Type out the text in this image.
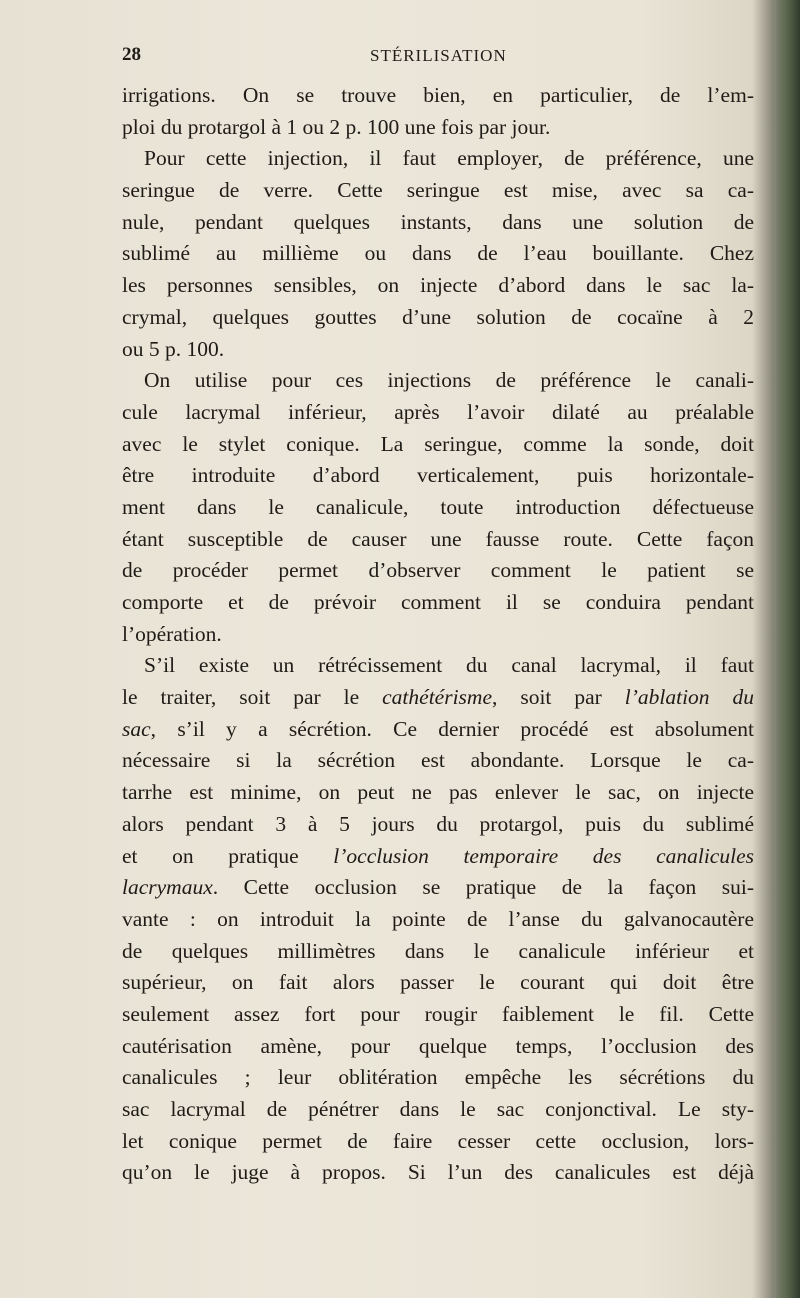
28	STÉRILISATION
irrigations. On se trouve bien, en particulier, de l’em-
ploi du protargol à 1 ou 2 p. 100 une fois par jour.
Pour cette injection, il faut employer, de préférence, une
seringue de verre. Cette seringue est mise, avec sa ca-
nule, pendant quelques instants, dans une solution de
sublimé au millième ou dans de l’eau bouillante. Chez
les personnes sensibles, on injecte d’abord dans le sac la-
crymal, quelques gouttes d’une solution de cocaïne à 2
ou 5 p. 100.
On utilise pour ces injections de préférence le canali-
cule lacrymal inférieur, après l’avoir dilaté au préalable
avec le stylet conique. La seringue, comme la sonde, doit
être introduite d’abord verticalement, puis horizontale-
ment dans le canalicule, toute introduction défectueuse
étant susceptible de causer une fausse route. Cette façon
de procéder permet d’observer comment le patient se
comporte et de prévoir comment il se conduira pendant
l’opération.
S’il existe un rétrécissement du canal lacrymal, il faut
le traiter, soit par le cathétérisme, soit par l’ablation du
sac, s’il y a sécrétion. Ce dernier procédé est absolument
nécessaire si la sécrétion est abondante. Lorsque le ca-
tarrhe est minime, on peut ne pas enlever le sac, on injecte
alors pendant 3 à 5 jours du protargol, puis du sublimé
et on pratique l’occlusion temporaire des canalicules
lacrymaux. Cette occlusion se pratique de la façon sui-
vante : on introduit la pointe de l’anse du galvanocautère
de quelques millimètres dans le canalicule inférieur et
supérieur, on fait alors passer le courant qui doit être
seulement assez fort pour rougir faiblement le fil. Cette
cautérisation amène, pour quelque temps, l’occlusion des
canalicules ; leur oblitération empêche les sécrétions du
sac lacrymal de pénétrer dans le sac conjonctival. Le sty-
let conique permet de faire cesser cette occlusion, lors-
qu’on le juge à propos. Si l’un des canalicules est déjà
